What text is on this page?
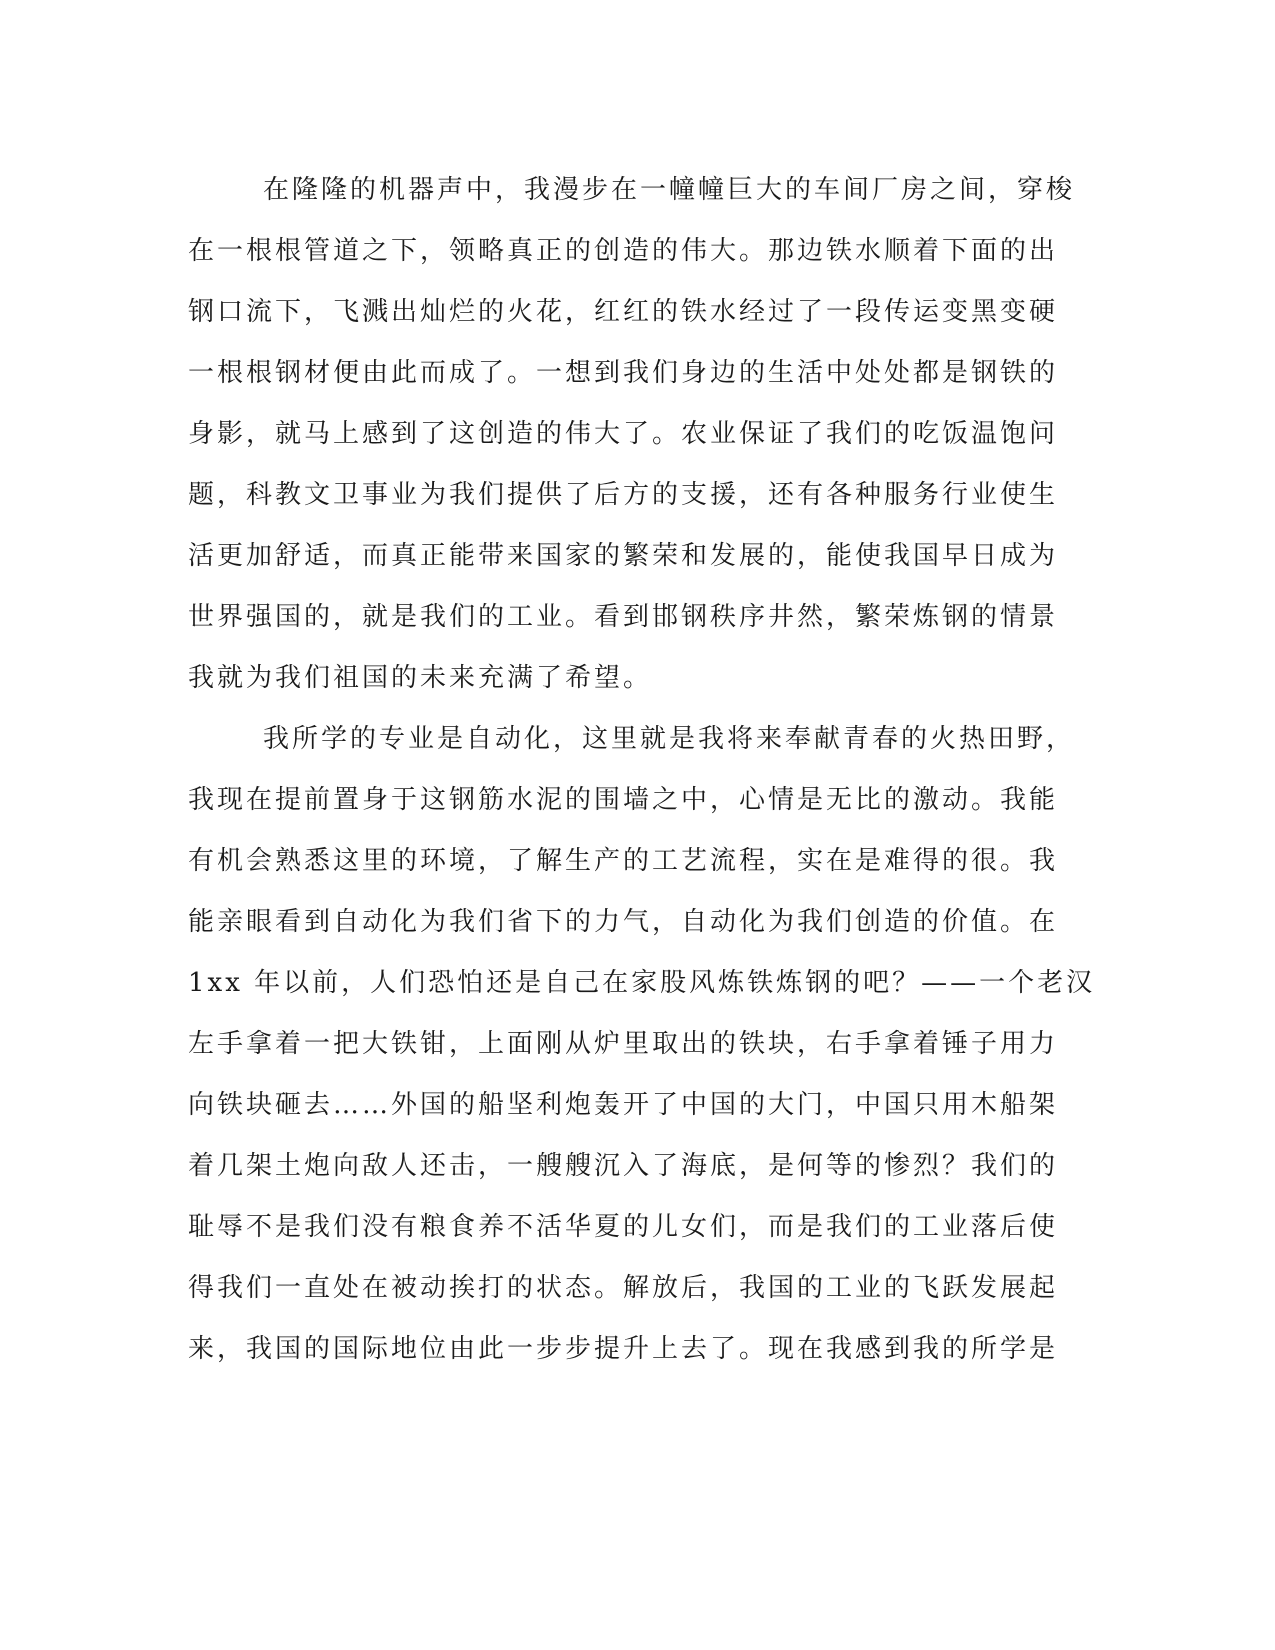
在隆隆的机器声中，我漫步在一幢幢巨大的车间厂房之间，穿梭
在一根根管道之下，领略真正的创造的伟大。那边铁水顺着下面的出
钢口流下，飞溅出灿烂的火花，红红的铁水经过了一段传运变黑变硬
一根根钢材便由此而成了。一想到我们身边的生活中处处都是钢铁的
身影，就马上感到了这创造的伟大了。农业保证了我们的吃饭温饱问
题，科教文卫事业为我们提供了后方的支援，还有各种服务行业使生
活更加舒适，而真正能带来国家的繁荣和发展的，能使我国早日成为
世界强国的，就是我们的工业。看到邯钢秩序井然，繁荣炼钢的情景
我就为我们祖国的未来充满了希望。
我所学的专业是自动化，这里就是我将来奉献青春的火热田野，
我现在提前置身于这钢筋水泥的围墙之中，心情是无比的激动。我能
有机会熟悉这里的环境，了解生产的工艺流程，实在是难得的很。我
能亲眼看到自动化为我们省下的力气，自动化为我们创造的价值。在
1xx 年以前，人们恐怕还是自己在家股风炼铁炼钢的吧？——一个老汉
左手拿着一把大铁钳，上面刚从炉里取出的铁块，右手拿着锤子用力
向铁块砸去……外国的船坚利炮轰开了中国的大门，中国只用木船架
着几架土炮向敌人还击，一艘艘沉入了海底，是何等的惨烈？我们的
耻辱不是我们没有粮食养不活华夏的儿女们，而是我们的工业落后使
得我们一直处在被动挨打的状态。解放后，我国的工业的飞跃发展起
来，我国的国际地位由此一步步提升上去了。现在我感到我的所学是
